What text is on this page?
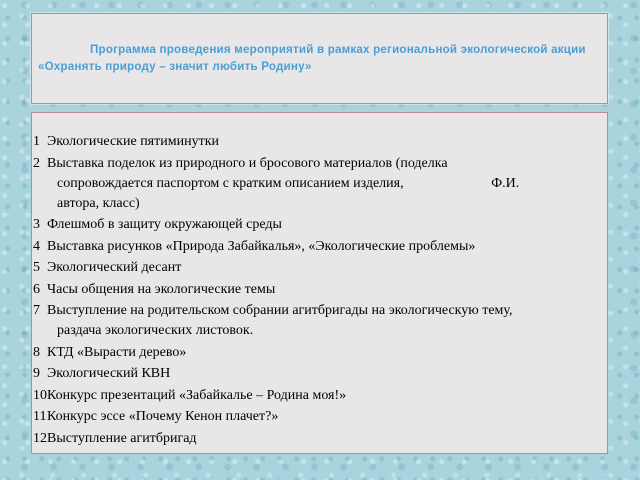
Программа проведения мероприятий в рамках региональной экологической акции «Охранять природу – значит любить Родину»

1 Экологические пятиминутки
2 Выставка поделок из природного и бросового материалов (поделка
сопровождается паспортом с кратким описанием изделия,                         Ф.И.
автора, класс)
3 Флешмоб в защиту окружающей среды
4 Выставка рисунков «Природа Забайкалья», «Экологические проблемы»
5 Экологический десант
6 Часы общения на экологические темы
7 Выступление на родительском собрании агитбригады на экологическую тему,
раздача экологических листовок.
8 КТД «Вырасти дерево»
9 Экологический КВН
10 Конкурс презентаций «Забайкалье – Родина моя!»
11 Конкурс эссе «Почему Кенон плачет?»
12 Выступление агитбригад
